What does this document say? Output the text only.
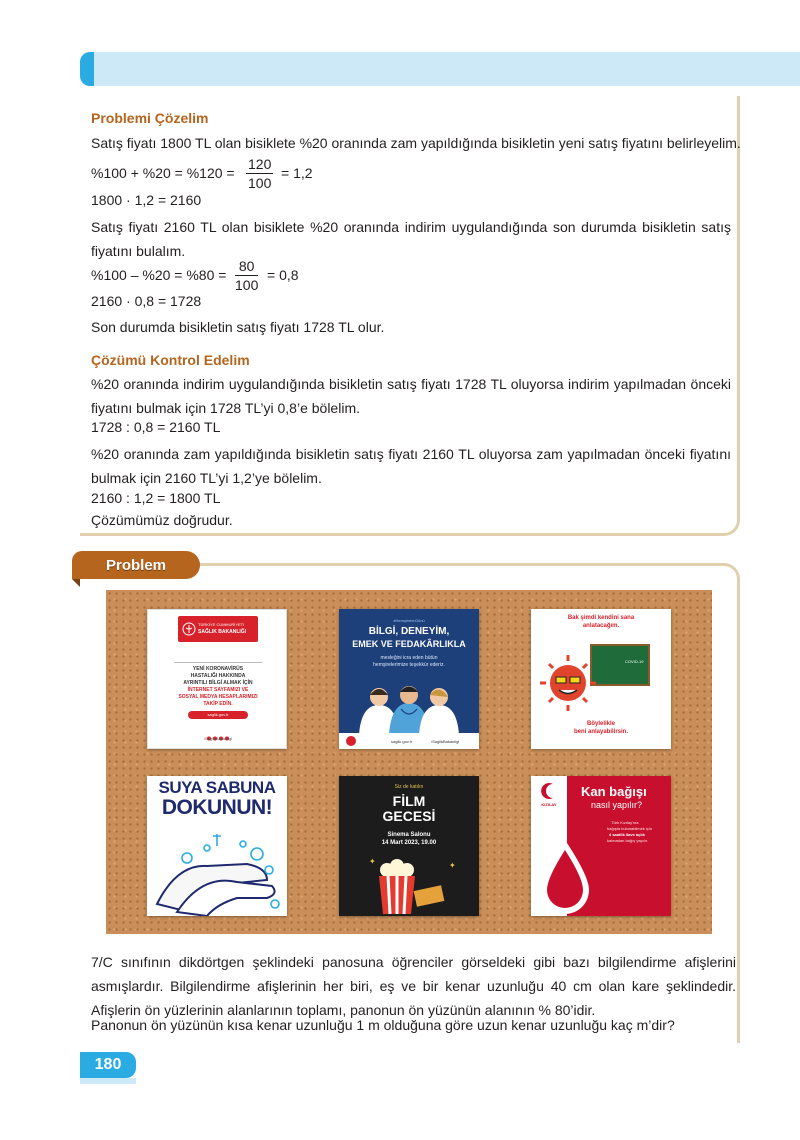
Problemi Çözelim
Satış fiyatı 1800 TL olan bisiklete %20 oranında zam yapıldığında bisikletin yeni satış fiyatını belirleyelim.
$\%100 + \%20 = \%120 = \frac{120}{100} = 1,2$
1800 · 1,2 = 2160
Satış fiyatı 2160 TL olan bisiklete %20 oranında indirim uygulandığında son durumda bisikletin satış fiyatını bulalım.
$\%100 - \%20 = \%80 = \frac{80}{100} = 0,8$
2160 · 0,8 = 1728
Son durumda bisikletin satış fiyatı 1728 TL olur.
Çözümü Kontrol Edelim
%20 oranında indirim uygulandığında bisikletin satış fiyatı 1728 TL oluyorsa indirim yapılmadan önceki fiyatını bulmak için 1728 TL’yi 0,8’e bölelim.
1728 : 0,8 = 2160 TL
%20 oranında zam yapıldığında bisikletin satış fiyatı 2160 TL oluyorsa zam yapılmadan önceki fiyatını bulmak için 2160 TL’yi 1,2’ye bölelim.
2160 : 1,2 = 1800 TL
Çözümümüz doğrudur.
Problem
TÜRKİYE CUMHURİYETİ
SAĞLIK BAKANLIĞI
YENİ KORONAVİRÜS
HASTALIĞI HAKKINDA
AYRINTILI BİLGİ ALMAK İÇİN
İNTERNET SAYFAMIZI VE
SOSYAL MEDYA HESAPLARIMIZI
TAKİP EDİN.
saglik.gov.tr
/SaglikBakanligi
#HemşirelerGünü
BİLGİ, DENEYİM,
EMEK VE FEDAKÂRLIKLA
mesleğini icra eden bütün
hemşirelerimize teşekkür ederiz.
saglik.gov.tr	/SaglikBakanligi
Bak şimdi kendini sana
anlatacağım.
COVID-19
Böylelikle
beni anlayabilirsin.
SUYA SABUNA
DOKUNUN!
Siz de katılın
FİLM
GECESİ
Sinema Salonu
14 Mart 2023, 19.00
✦	✦
KIZILAY
Kan bağışı
nasıl yapılır?
Türk Kızılay'ına
bağışta bulunabilmek için
4 saatlik ilave açlık
kalmadan bağış yapılır.
7/C sınıfının dikdörtgen şeklindeki panosuna öğrenciler görseldeki gibi bazı bilgilendirme afişlerini asmışlardır. Bilgilendirme afişlerinin her biri, eş ve bir kenar uzunluğu 40 cm olan kare şeklindedir. Afişlerin ön yüzlerinin alanlarının toplamı, panonun ön yüzünün alanının % 80’idir.
Panonun ön yüzünün kısa kenar uzunluğu 1 m olduğuna göre uzun kenar uzunluğu kaç m’dir?
180
